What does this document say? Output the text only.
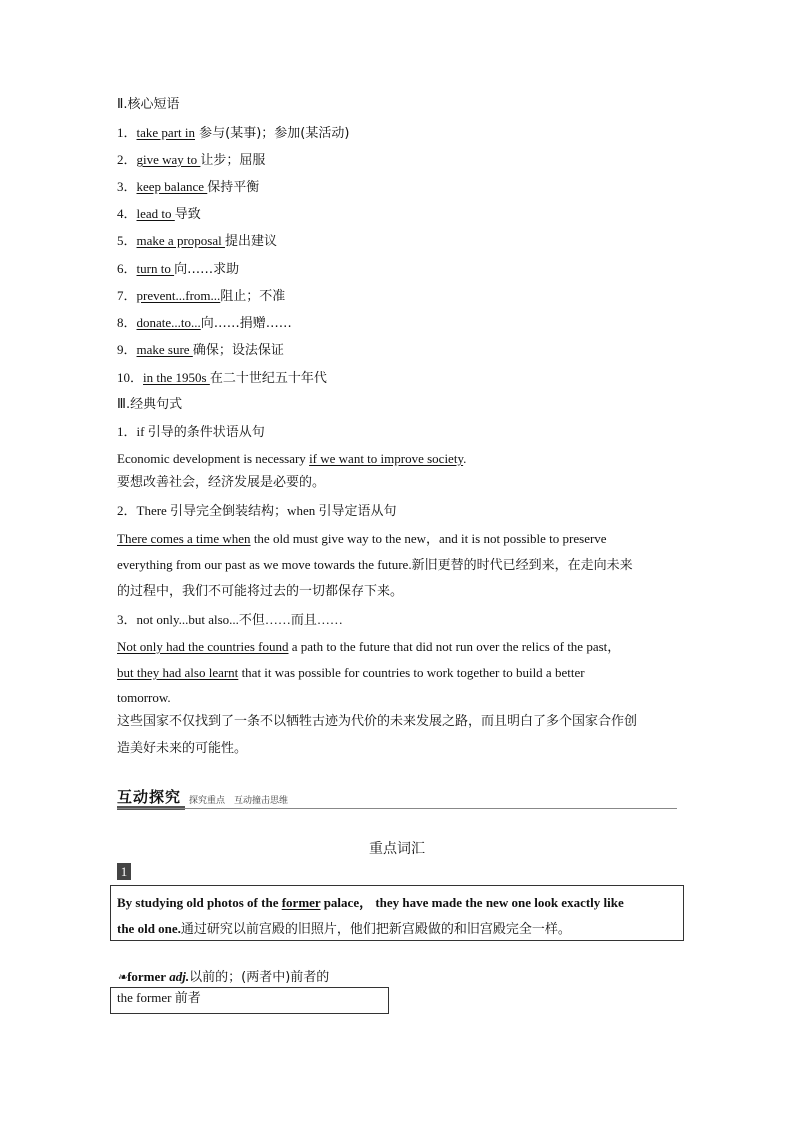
Ⅱ.核心短语
1．take part in 参与(某事)；参加(某活动)
2．give way to 让步；屈服
3．keep balance 保持平衡
4．lead to 导致
5．make a proposal 提出建议
6．turn to 向……求助
7．prevent...from...阻止；不准
8．donate...to...向……捐赠……
9．make sure 确保；设法保证
10．in the 1950s 在二十世纪五十年代
Ⅲ.经典句式
1．if 引导的条件状语从句
Economic development is necessary if we want to improve society.
要想改善社会，经济发展是必要的。
2．There 引导完全倒装结构；when 引导定语从句
There comes a time when the old must give way to the new，and it is not possible to preserve
everything from our past as we move towards the future.新旧更替的时代已经到来，在走向未来
的过程中，我们不可能将过去的一切都保存下来。
3．not only...but also...不但……而且……
Not only had the countries found a path to the future that did not run over the relics of the past，
but they had also learnt that it was possible for countries to work together to build a better
tomorrow.
这些国家不仅找到了一条不以牺牲古迹为代价的未来发展之路，而且明白了多个国家合作创
造美好未来的可能性。
互动探究 探究重点　互动撞击思维
重点词汇
1
By studying old photos of the former palace， they have made the new one look exactly like
the old one.通过研究以前宫殿的旧照片，他们把新宫殿做的和旧宫殿完全一样。
❧former adj.以前的；(两者中)前者的
the former 前者
